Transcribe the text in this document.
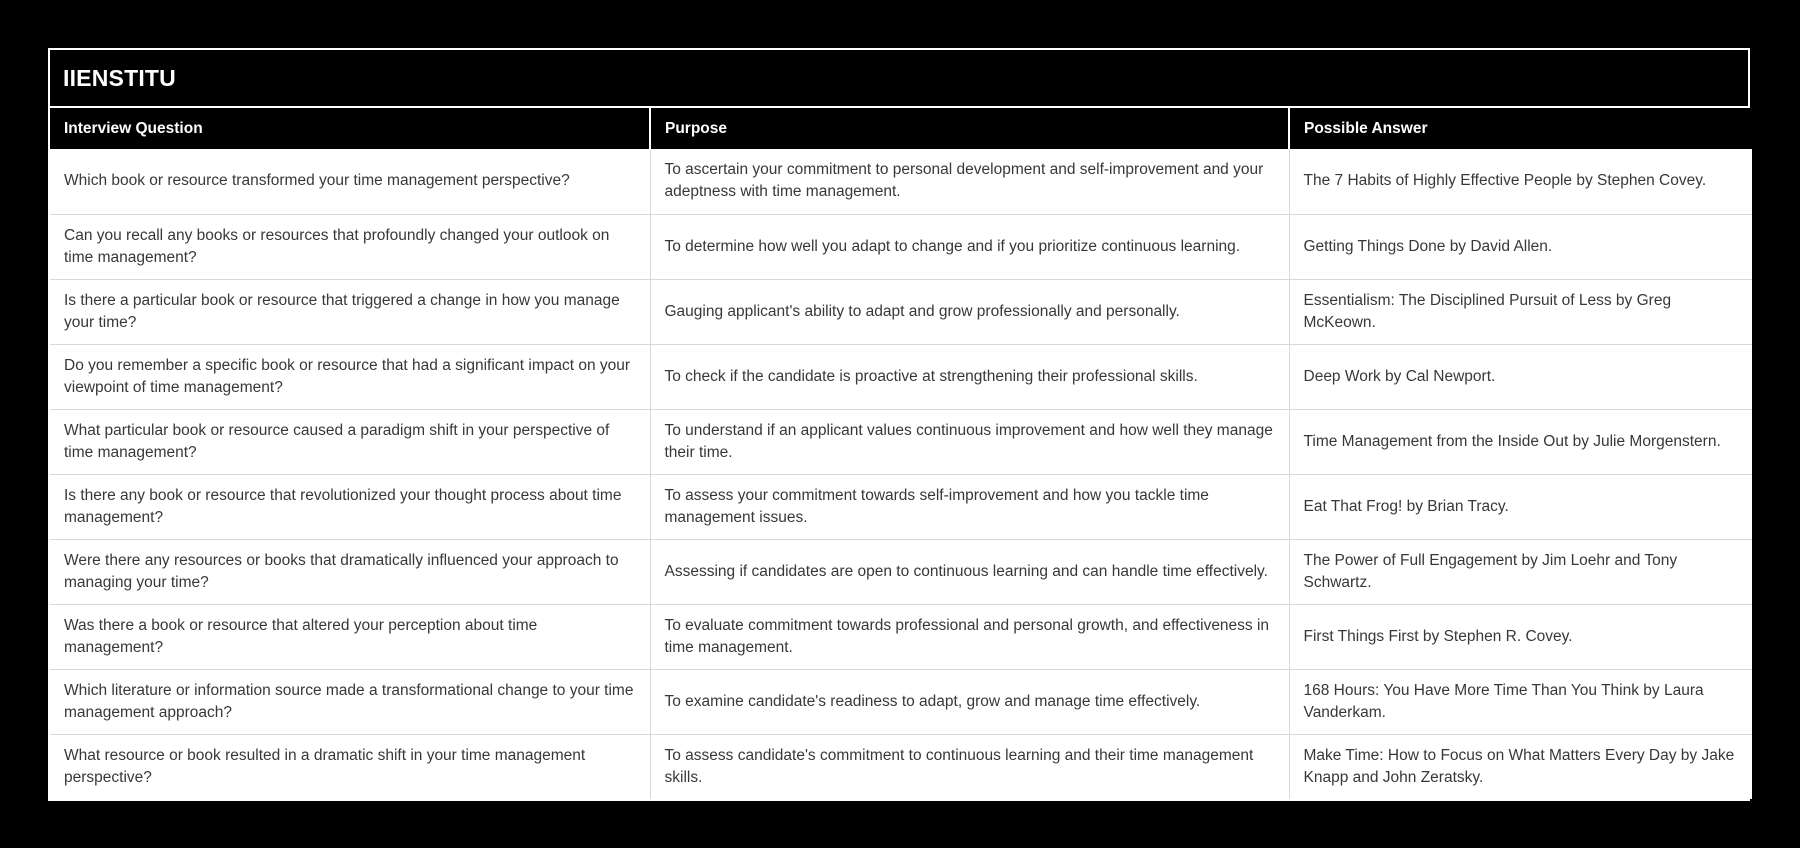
IIENSTITU
Interview Question	Purpose	Possible Answer
Which book or resource transformed your time management perspective?	To ascertain your commitment to personal development and self-improvement and your adeptness with time management.	The 7 Habits of Highly Effective People by Stephen Covey.
Can you recall any books or resources that profoundly changed your outlook on time management?	To determine how well you adapt to change and if you prioritize continuous learning.	Getting Things Done by David Allen.
Is there a particular book or resource that triggered a change in how you manage your time?	Gauging applicant's ability to adapt and grow professionally and personally.	Essentialism: The Disciplined Pursuit of Less by Greg McKeown.
Do you remember a specific book or resource that had a significant impact on your viewpoint of time management?	To check if the candidate is proactive at strengthening their professional skills.	Deep Work by Cal Newport.
What particular book or resource caused a paradigm shift in your perspective of time management?	To understand if an applicant values continuous improvement and how well they manage their time.	Time Management from the Inside Out by Julie Morgenstern.
Is there any book or resource that revolutionized your thought process about time management?	To assess your commitment towards self-improvement and how you tackle time management issues.	Eat That Frog! by Brian Tracy.
Were there any resources or books that dramatically influenced your approach to managing your time?	Assessing if candidates are open to continuous learning and can handle time effectively.	The Power of Full Engagement by Jim Loehr and Tony Schwartz.
Was there a book or resource that altered your perception about time management?	To evaluate commitment towards professional and personal growth, and effectiveness in time management.	First Things First by Stephen R. Covey.
Which literature or information source made a transformational change to your time management approach?	To examine candidate's readiness to adapt, grow and manage time effectively.	168 Hours: You Have More Time Than You Think by Laura Vanderkam.
What resource or book resulted in a dramatic shift in your time management perspective?	To assess candidate's commitment to continuous learning and their time management skills.	Make Time: How to Focus on What Matters Every Day by Jake Knapp and John Zeratsky.
